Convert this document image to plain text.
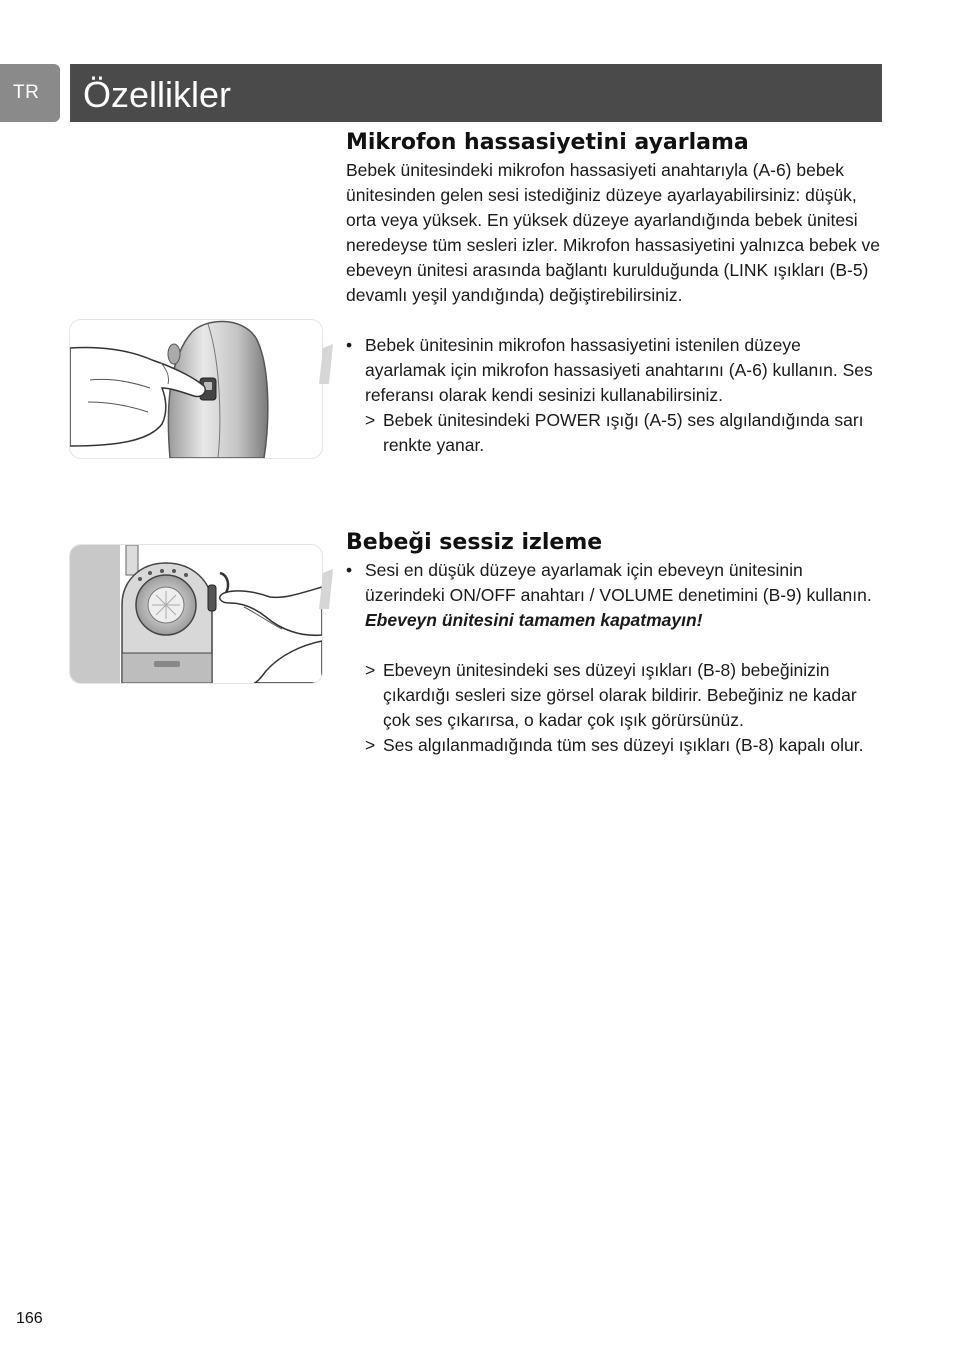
TR	Özellikler
Mikrofon hassasiyetini ayarlama

Bebek ünitesindeki mikrofon hassasiyeti anahtarıyla (A-6) bebek ünitesinden gelen sesi istediğiniz düzeye ayarlayabilirsiniz: düşük, orta veya yüksek. En yüksek düzeye ayarlandığında bebek ünitesi neredeyse tüm sesleri izler. Mikrofon hassasiyetini yalnızca bebek ve ebeveyn ünitesi arasında bağlantı kurulduğunda (LINK ışıkları (B-5) devamlı yeşil yandığında) değiştirebilirsiniz.

• Bebek ünitesinin mikrofon hassasiyetini istenilen düzeye ayarlamak için mikrofon hassasiyeti anahtarını (A-6) kullanın. Ses referansı olarak kendi sesinizi kullanabilirsiniz.
> Bebek ünitesindeki POWER ışığı (A-5) ses algılandığında sarı renkte yanar.
Bebeği sessiz izleme
• Sesi en düşük düzeye ayarlamak için ebeveyn ünitesinin üzerindeki ON/OFF anahtarı / VOLUME denetimini (B-9) kullanın.
Ebeveyn ünitesini tamamen kapatmayın!
> Ebeveyn ünitesindeki ses düzeyi ışıkları (B-8) bebeğinizin çıkardığı sesleri size görsel olarak bildirir. Bebeğiniz ne kadar çok ses çıkarırsa, o kadar çok ışık görürsünüz.
> Ses algılanmadığında tüm ses düzeyi ışıkları (B-8) kapalı olur.
166
